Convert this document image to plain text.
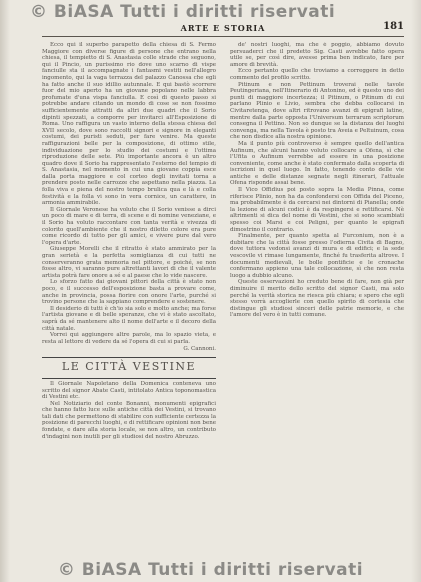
© BiASA Tutti i diritti riservati
ARTE E STORIA	181

Ecco qui il superbo parapetto della chiesa di S. Fermo Maggiore con diverse figure di persone che entrano nella chiesa, il tempietto di S. Anastasia colle strade che seguono, qui il Pincio, un purissimo rio dove uno scarno di vispe fanciulle sta il accompagnate i fantasmi vestiti nell'allegro ingomento, qui la vaga terrazza del palazzo Canossa che egli ha fatto anche il suo idillio autunnale. E qui bastò scorrere fuor del mio aperto ha un giovane popolano nelle labbra profumate d'una vispa fanciulla. E così di questo passo si potrebbe andare citando un mondo di cose se non fossimo sufficientemente attratti da altri due quadri che il Sorio dipinti spezzati, a comporre per invitarci all'Esposizione di Roma. Uno raffigura un vasto interno della stessa chiesa del XVII secolo, dove sono raccolti signori e signore in eleganti costumi, dei puristi seduti, per fare venire. Ma queste raffigurazioni belle per la composizione, di ottimo stile, individuazione per lo studio dei costumi e l'ottima riproduzione delle sete. Più importante ancora è un altro quadro dove il Sorio ha rappresentato l'esterno del tempio di S. Anastasia, nel momento in cui una giovane coppia esce dalla porta maggiore e col corteo degli invitati torna a prendere posto nelle carrozze che aspettano nella piazza. La folla viva e piena del nostro tempo brulica qua e là e colla festività e la folla vi sono in vera cornice, un carattere, in armonia ammirabile.

Il Giornale Veronese ha voluto che il Sorio venisse a dirci un poco di mare e di terra, di scene e di nomine veneziane, e il Sorio ha voluto raccontare con tanta verità e vivezza di colorito quell'ambiente che il nostro diletto colore era pure come ricordo di tutto per gli amici, e vivere pure dal vero l'opera d'arte.

Giuseppe Morelli che il ritratto è stato ammirato per la gran serietà e la perfetta somiglianza di cui tutti ne conserveranno grata memoria nel pittore, e poiché, se non fosse altro, vi saranno pure altrettanti lavori di che il valente artista potrà fare onore a sé e al paese che lo vide nascere.

Lo sforzo fatto dai giovani pittori della città è stato non poco, e il successo dell'esposizione basta a provare come, anche in provincia, possa fiorire con onore l'arte, purché si trovino persone che la sappiano comprendere e sostenere.

Il desiderio di tutti è ch'io sia solo e molto anche; ma forse l'artista giovane e di belle speranze, che vi è stato ascoltato, saprà da sé mantenere alto il nome dell'arte e il decoro della città natale.

Vorrei qui aggiungere altre parole, ma lo spazio vieta, e resta al lettore di vedere da sé l'opera di cui si parla.

G. Cannoni.
LE CITTÀ VESTINE

Il Giornale Napoletano della Domenica conteneva uno scritto del signor Abate Casti, intitolato Antica toponomastica di Vestini etc.

Nel Notiziario del conte Bonanni, monumenti epigrafici che hanno fatto luce sulle antiche città dei Vestini, si trovano tali dati che permettono di stabilire con sufficiente certezza la posizione di parecchi luoghi, e di rettificare opinioni non bene fondate, e dare alla storia locale, se non altro, un contributo d'indagini non inutili per gli studiosi del nostro Abruzzo.

de' nostri luoghi, ma che è poggio, abbiamo dovuto persuaderci che il predetto Sig. Casti avrebbe fatto opera utile se, per così dire, avesse prima ben indicato, fare per amore di brevità.

Ecco pertanto quello che troviamo a correggere in detto commento del profilo scritto.

Pitinum e non Pettinum troverai nelle tavole Peutingeriana, nell'Itinerario di Antonino, ed è questo uno dei punti di maggiore incertezza; il Pitinum, o Pitinum di cui parlano Plinio e Livio, sembra che debba collocarsi in Civitaretenga, dove altri ritrovano avanzi di epigrafi latine, mentre dalla parte opposta l'Universum terrarum scriptorum consegna il Pettino. Non so dunque se la distanza dei luoghi convenga, ma nella Tavola è posto tra Aveia e Peltuinum, cosa che non disdice alla nostra opinione.

Ma il punto più controverso è sempre quello dell'antica Aufinum, che alcuni hanno voluto collocare a Ofena, sì che l'Ufita o Aufinum verrebbe ad essere in una posizione conveniente, come anche è stato confermato dalla scoperta di iscrizioni in quel luogo. In fatto, tenendo conto delle vie antiche e delle distanze segnate negli itinerari, l'attuale Ofena risponde assai bene.

Il Vico Offidius poi posto sopra la Media Pinna, come riferisce Plinio, non ha da confondersi con Offida del Piceno, ma probabilmente è da cercarsi nei dintorni di Pianella; onde la lezione di alcuni codici è da respingersi e rettificarsi. Nè altrimenti si dica del nome di Vestini, che si sono scambiati spesso coi Marsi e coi Peligni, per quanto le epigrafi dimostrino il contrario.

Finalmente, per quanto spetta al Furconium, non è a dubitare che la città fosse presso l'odierna Civita di Bagno, dove tuttora vedonsi avanzi di mura e di edifici; e la sede vescovile vi rimase lungamente, finché fu trasferita altrove. I documenti medievali, le bolle pontificie e le cronache confermano appieno una tale collocazione, sì che non resta luogo a dubbio alcuno.

Queste osservazioni ho creduto bene di fare, non già per diminuire il merito dello scritto del signor Casti, ma solo perché la verità storica ne riesca più chiara; e spero che egli stesso vorrà accoglierle con quello spirito di cortesia che distingue gli studiosi sinceri delle patrie memorie, e che l'amore del vero è in tutti comune.

© BiASA Tutti i diritti riservati
